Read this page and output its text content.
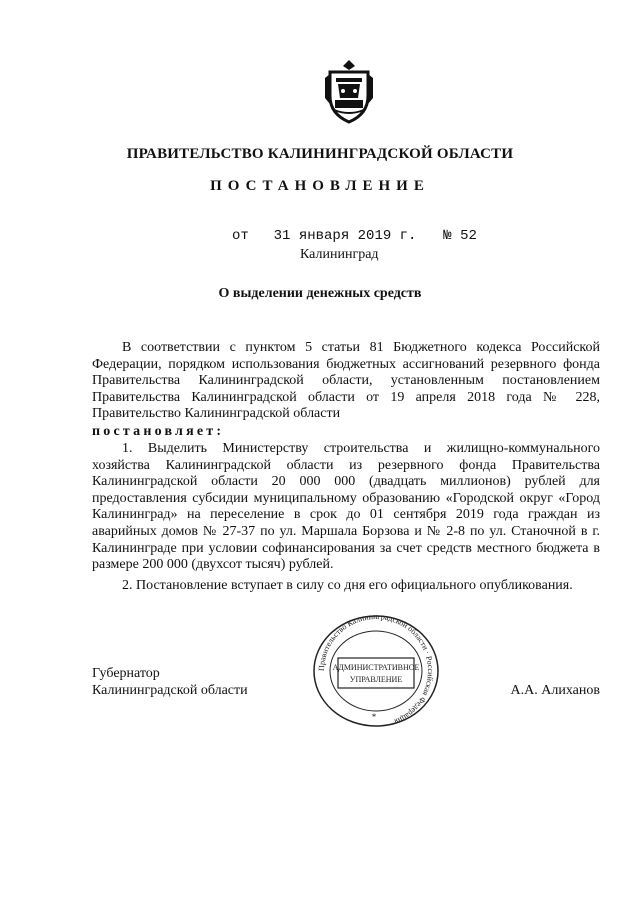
ПРАВИТЕЛЬСТВО КАЛИНИНГРАДСКОЙ ОБЛАСТИ
ПОСТАНОВЛЕНИЕ
от 31 января 2019 г. № 52
Калининград
О выделении денежных средств
В соответствии с пунктом 5 статьи 81 Бюджетного кодекса Российской Федерации, порядком использования бюджетных ассигнований резервного фонда Правительства Калининградской области, установленным постановлением Правительства Калининградской области от 19 апреля 2018 года № 228, Правительство Калининградской области
постановляет:
1. Выделить Министерству строительства и жилищно-коммунального хозяйства Калининградской области из резервного фонда Правительства Калининградской области 20 000 000 (двадцать миллионов) рублей для предоставления субсидии муниципальному образованию «Городской округ «Город Калининград» на переселение в срок до 01 сентября 2019 года граждан из аварийных домов № 27-37 по ул. Маршала Борзова и № 2-8 по ул. Станочной в г. Калининграде при условии софинансирования за счет средств местного бюджета в размере 200 000 (двухсот тысяч) рублей.
2. Постановление вступает в силу со дня его официального опубликования.
Губернатор
Калининградской области	А.А. Алиханов
Правительство Калининградской области · Российская Федерация
АДМИНИСТРАТИВНОЕ
УПРАВЛЕНИЕ
*
